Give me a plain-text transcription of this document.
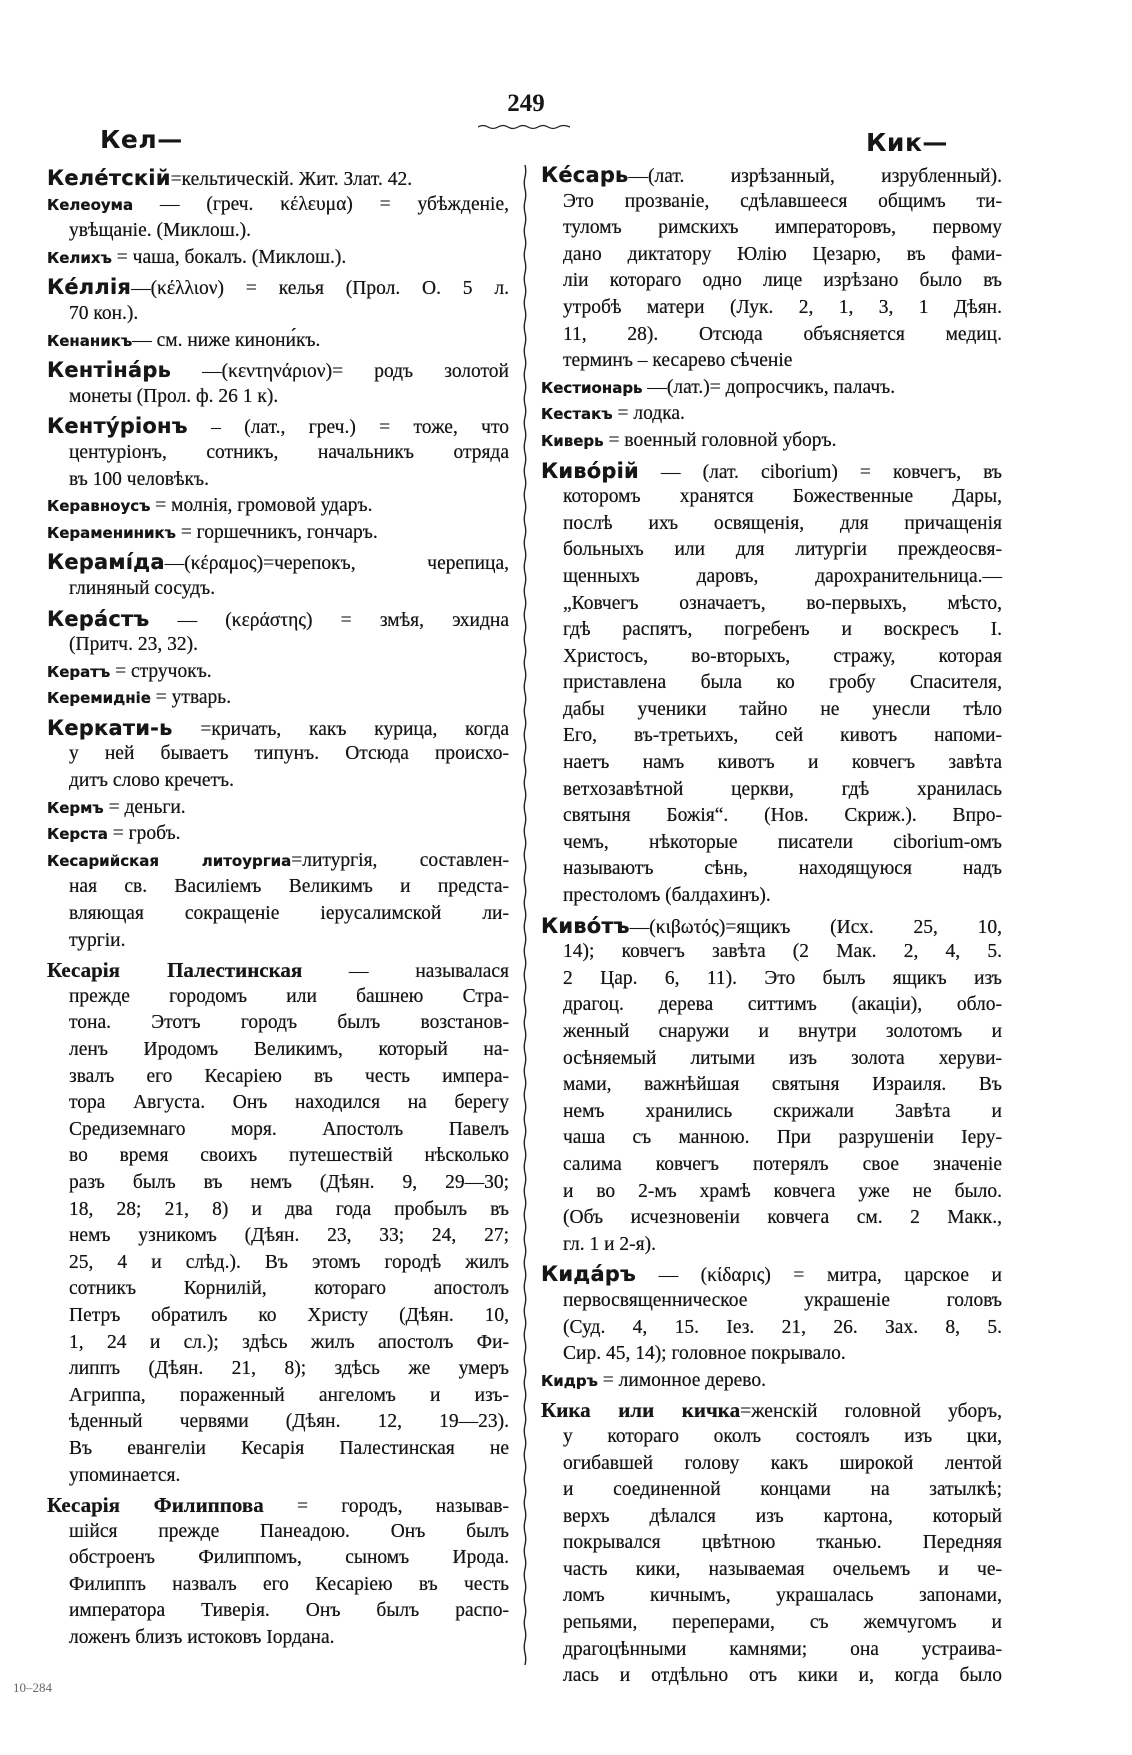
249
Кел—	Кик—
Келе́тскій=кельтическій. Жит. Злат. 42.
Келеоума — (греч. κέλευμα) = убѣжденіе,
увѣщаніе. (Миклош.).
Келихъ = чаша, бокалъ. (Миклош.).
Ке́ллія—(κέλλιον) = келья (Прол. О. 5 л.
70 кон.).
Кенаникъ— см. ниже кинони́къ.
Кентіна́рь —(κεντηνάριον)= родъ золотой
монеты (Прол. ф. 26 1 к).
Кенту́ріонъ – (лат., греч.) = тоже, что
центуріонъ, сотникъ, начальникъ отряда
въ 100 человѣкъ.
Керавноусъ = молнія, громовой ударъ.
Керамениникъ = горшечникъ, гончаръ.
Керамі́да—(κέραμος)=черепокъ, черепица,
глиняный сосудъ.
Кера́стъ — (κεράστης) = змѣя, эхидна
(Притч. 23, 32).
Кератъ = стручокъ.
Керемидніе = утварь.
Керкати-ь =кричать, какъ курица, когда
у ней бываетъ типунъ. Отсюда происхо-
дитъ слово кречетъ.
Кермъ = деньги.
Керста = гробъ.
Кесарийская литоургиа=литургія, составлен-
ная св. Василіемъ Великимъ и предста-
вляющая сокращеніе іерусалимской ли-
тургіи.
Кесарія Палестинская — называлася
прежде городомъ или башнею Стра-
тона. Этотъ городъ былъ возстанов-
ленъ Иродомъ Великимъ, который на-
звалъ его Кесаріею въ честь импера-
тора Августа. Онъ находился на берегу
Средиземнаго моря. Апостолъ Павелъ
во время своихъ путешествій нѣсколько
разъ былъ въ немъ (Дѣян. 9, 29—30;
18, 28; 21, 8) и два года пробылъ въ
немъ узникомъ (Дѣян. 23, 33; 24, 27;
25, 4 и слѣд.). Въ этомъ городѣ жилъ
сотникъ Корнилій, котораго апостолъ
Петръ обратилъ ко Христу (Дѣян. 10,
1, 24 и сл.); здѣсь жилъ апостолъ Фи-
липпъ (Дѣян. 21, 8); здѣсь же умеръ
Агриппа, пораженный ангеломъ и изъ-
ѣденный червями (Дѣян. 12, 19—23).
Въ евангеліи Кесарія Палестинская не
упоминается.
Кесарія Филиппова = городъ, называв-
шійся прежде Панеадою. Онъ былъ
обстроенъ Филиппомъ, сыномъ Ирода.
Филиппъ назвалъ его Кесаріею въ честь
императора Тиверія. Онъ былъ распо-
ложенъ близъ истоковъ Іордана.
Ке́сарь—(лат. изрѣзанный, изрубленный).
Это прозваніе, сдѣлавшееся общимъ ти-
туломъ римскихъ императоровъ, первому
дано диктатору Юлію Цезарю, въ фами-
ліи котораго одно лице изрѣзано было въ
утробѣ матери (Лук. 2, 1, 3, 1 Дѣян.
11, 28). Отсюда объясняется медиц.
терминъ – кесарево сѣченіе
Кестионарь —(лат.)= допросчикъ, палачъ.
Кестакъ = лодка.
Киверь = военный головной уборъ.
Киво́рій — (лат. ciborium) = ковчегъ, въ
которомъ хранятся Божественные Дары,
послѣ ихъ освященія, для причащенія
больныхъ или для литургіи преждеосвя-
щенныхъ даровъ, дарохранительница.—
„Ковчегъ означаетъ, во-первыхъ, мѣсто,
гдѣ распятъ, погребенъ и воскресъ І.
Христосъ, во-вторыхъ, стражу, которая
приставлена была ко гробу Спасителя,
дабы ученики тайно не унесли тѣло
Его, въ-третьихъ, сей кивотъ напоми-
наетъ намъ кивотъ и ковчегъ завѣта
ветхозавѣтной церкви, гдѣ хранилась
святыня Божія“. (Нов. Скриж.). Впро-
чемъ, нѣкоторые писатели ciborium-омъ
называютъ сѣнь, находящуюся надъ
престоломъ (балдахинъ).
Киво́тъ—(κιβωτός)=ящикъ (Исх. 25, 10,
14); ковчегъ завѣта (2 Мак. 2, 4, 5.
2 Цар. 6, 11). Это былъ ящикъ изъ
драгоц. дерева ситтимъ (акаціи), обло-
женный снаружи и внутри золотомъ и
осѣняемый литыми изъ золота херуви-
мами, важнѣйшая святыня Израиля. Въ
немъ хранились скрижали Завѣта и
чаша съ манною. При разрушеніи Іеру-
салима ковчегъ потерялъ свое значеніе
и во 2-мъ храмѣ ковчега уже не было.
(Объ исчезновеніи ковчега см. 2 Макк.,
гл. 1 и 2-я).
Кида́ръ — (κίδαρις) = митра, царское и
первосвященническое украшеніе головъ
(Суд. 4, 15. Іез. 21, 26. Зах. 8, 5.
Сир. 45, 14); головное покрывало.
Кидръ = лимонное дерево.
Кика или кичка=женскій головной уборъ,
у котораго околъ состоялъ изъ цки,
огибавшей голову какъ широкой лентой
и соединенной концами на затылкѣ;
верхъ дѣлался изъ картона, который
покрывался цвѣтною тканью. Передняя
часть кики, называемая очельемъ и че-
ломъ кичнымъ, украшалась запонами,
репьями, переперами, съ жемчугомъ и
драгоцѣнными камнями; она устраива-
лась и отдѣльно отъ кики и, когда было
10–284
